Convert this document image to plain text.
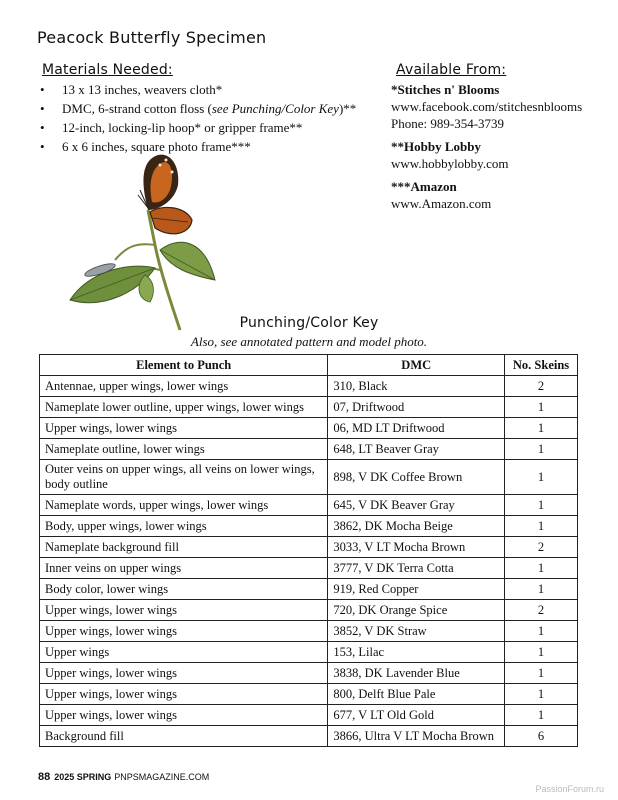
Peacock Butterfly Specimen
Materials Needed:
• 13 x 13 inches, weavers cloth*
• DMC, 6-strand cotton floss (see Punching/Color Key)**
• 12-inch, locking-lip hoop* or gripper frame**
• 6 x 6 inches, square photo frame***
Available From:
*Stitches n' Blooms
www.facebook.com/stitchesnblooms
Phone: 989-354-3739
**Hobby Lobby
www.hobbylobby.com
***Amazon
www.Amazon.com
Punching/Color Key
Also, see annotated pattern and model photo.
Element to Punch	DMC	No. Skeins
Antennae, upper wings, lower wings	310, Black	2
Nameplate lower outline, upper wings, lower wings	07, Driftwood	1
Upper wings, lower wings	06, MD LT Driftwood	1
Nameplate outline, lower wings	648, LT Beaver Gray	1
Outer veins on upper wings, all veins on lower wings, body outline	898, V DK Coffee Brown	1
Nameplate words, upper wings, lower wings	645, V DK Beaver Gray	1
Body, upper wings, lower wings	3862, DK Mocha Beige	1
Nameplate background fill	3033, V LT Mocha Brown	2
Inner veins on upper wings	3777, V DK Terra Cotta	1
Body color, lower wings	919, Red Copper	1
Upper wings, lower wings	720, DK Orange Spice	2
Upper wings, lower wings	3852, V DK Straw	1
Upper wings	153, Lilac	1
Upper wings, lower wings	3838, DK Lavender Blue	1
Upper wings, lower wings	800, Delft Blue Pale	1
Upper wings, lower wings	677, V LT Old Gold	1
Background fill	3866, Ultra V LT Mocha Brown	6
88 2025 SPRING PNPSMAGAZINE.COM
PassionForum.ru
